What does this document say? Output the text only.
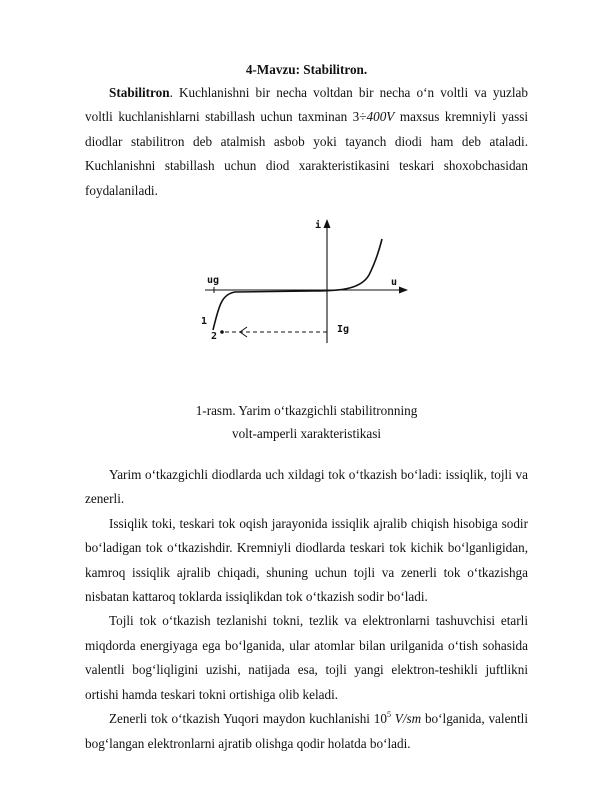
4-Mavzu: Stabilitron.

Stabilitron. Kuchlanishni bir necha voltdan bir necha o‘n voltli va yuzlab voltli kuchlanishlarni stabillash uchun taxminan 3÷400V maxsus kremniyli yassi diodlar stabilitron deb atalmish asbob yoki tayanch diodi ham deb ataladi. Kuchlanishni stabillash uchun diod xarakteristikasini teskari shoxobchasidan foydalaniladi.

i
u
ug
Ig
1
2

1-rasm. Yarim o‘tkazgichli stabilitronning

volt-amperli xarakteristikasi

Yarim o‘tkazgichli diodlarda uch xildagi tok o‘tkazish bo‘ladi: issiqlik, tojli va zenerli.

Issiqlik toki, teskari tok oqish jarayonida issiqlik ajralib chiqish hisobiga sodir bo‘ladigan tok o‘tkazishdir. Kremniyli diodlarda teskari tok kichik bo‘lganligidan, kamroq issiqlik ajralib chiqadi, shuning uchun tojli va zenerli tok o‘tkazishga nisbatan kattaroq toklarda issiqlikdan tok o‘tkazish sodir bo‘ladi.

Tojli tok o‘tkazish tezlanishi tokni, tezlik va elektronlarni tashuvchisi etarli miqdorda energiyaga ega bo‘lganida, ular atomlar bilan urilganida o‘tish sohasida valentli bog‘liqligini uzishi, natijada esa, tojli yangi elektron-teshikli juftlikni ortishi hamda teskari tokni ortishiga olib keladi.

Zenerli tok o‘tkazish Yuqori maydon kuchlanishi $10^5$ V/sm bo‘lganida, valentli bog‘langan elektronlarni ajratib olishga qodir holatda bo‘ladi.
